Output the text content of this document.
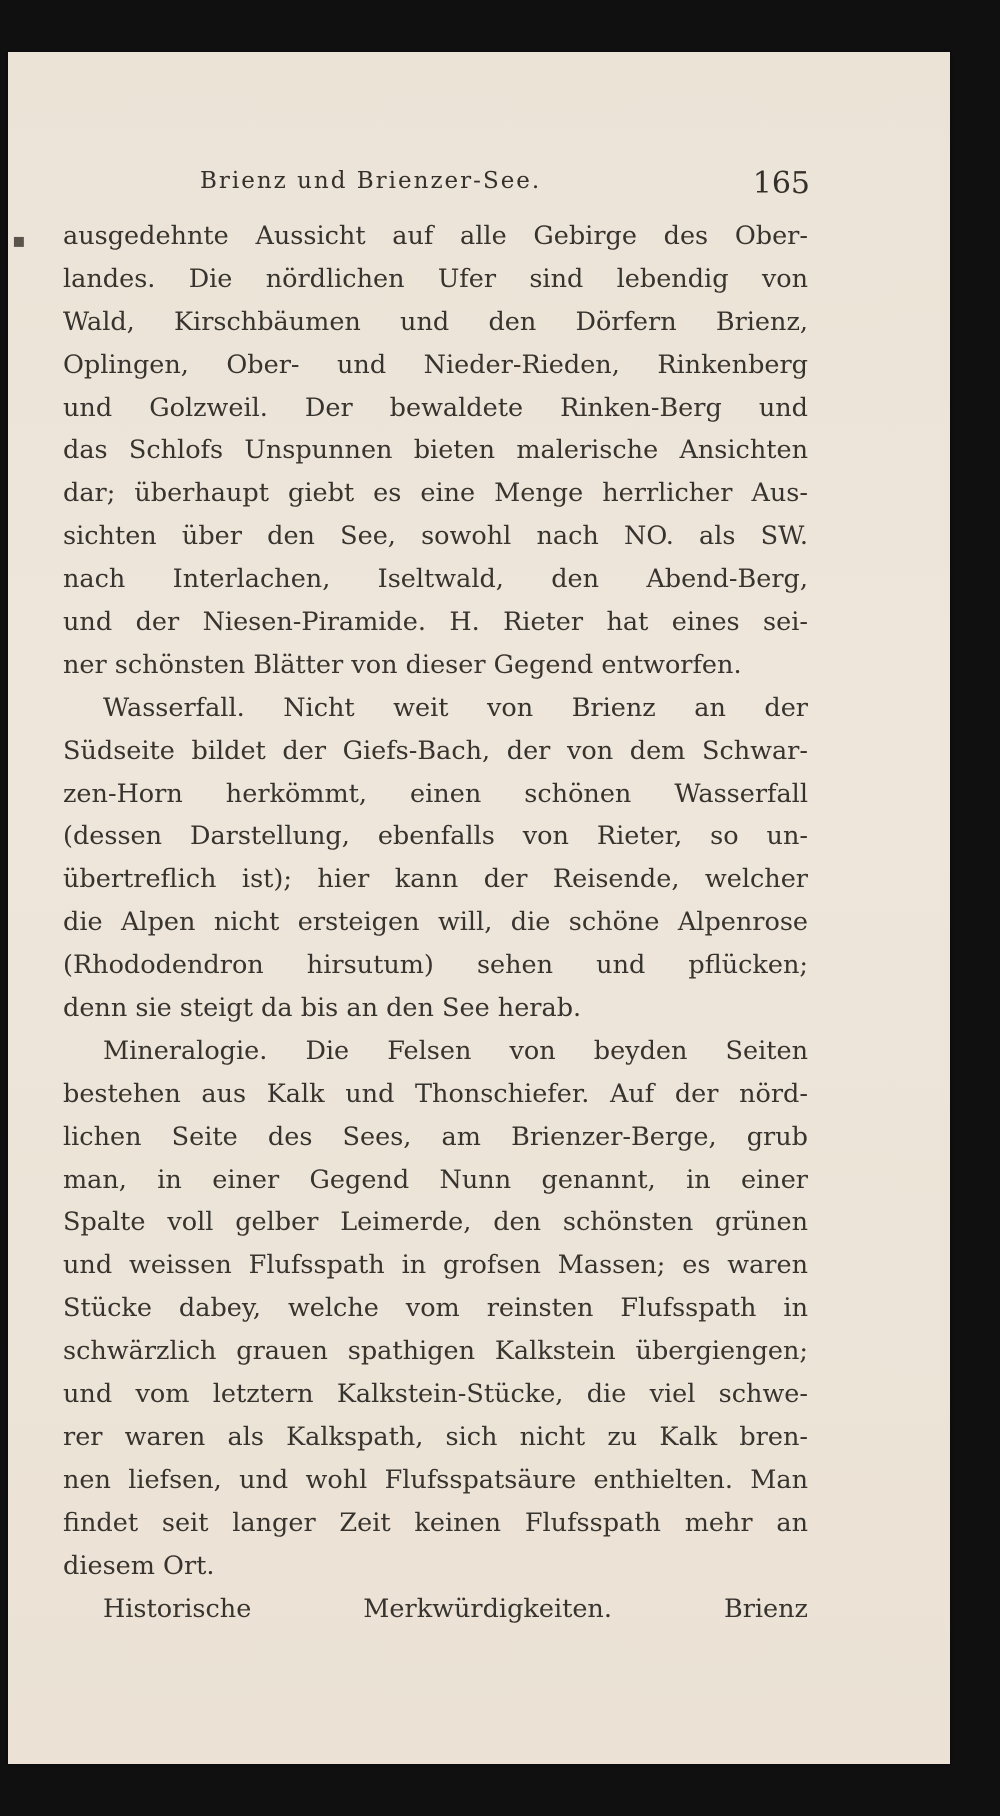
Brienz und Brienzer-See.	165
▪ ausgedehnte Aussicht auf alle Gebirge des Ober-
landes. Die nördlichen Ufer sind lebendig von
Wald, Kirschbäumen und den Dörfern Brienz,
Oplingen, Ober- und Nieder-Rieden, Rinkenberg
und Golzweil. Der bewaldete Rinken-Berg und
das Schlofs Unspunnen bieten malerische Ansichten
dar; überhaupt giebt es eine Menge herrlicher Aus-
sichten über den See, sowohl nach NO. als SW.
nach Interlachen, Iseltwald, den Abend-Berg,
und der Niesen-Piramide. H. Rieter hat eines sei-
ner schönsten Blätter von dieser Gegend entworfen.
Wasserfall. Nicht weit von Brienz an der
Südseite bildet der Giefs-Bach, der von dem Schwar-
zen-Horn herkömmt, einen schönen Wasserfall
(dessen Darstellung, ebenfalls von Rieter, so un-
übertreflich ist); hier kann der Reisende, welcher
die Alpen nicht ersteigen will, die schöne Alpenrose
(Rhododendron hirsutum) sehen und pflücken;
denn sie steigt da bis an den See herab.
Mineralogie. Die Felsen von beyden Seiten
bestehen aus Kalk und Thonschiefer. Auf der nörd-
lichen Seite des Sees, am Brienzer-Berge, grub
man, in einer Gegend Nunn genannt, in einer
Spalte voll gelber Leimerde, den schönsten grünen
und weissen Flufsspath in grofsen Massen; es waren
Stücke dabey, welche vom reinsten Flufsspath in
schwärzlich grauen spathigen Kalkstein übergiengen;
und vom letztern Kalkstein-Stücke, die viel schwe-
rer waren als Kalkspath, sich nicht zu Kalk bren-
nen liefsen, und wohl Flufsspatsäure enthielten. Man
findet seit langer Zeit keinen Flufsspath mehr an
diesem Ort.
Historische Merkwürdigkeiten. Brienz
